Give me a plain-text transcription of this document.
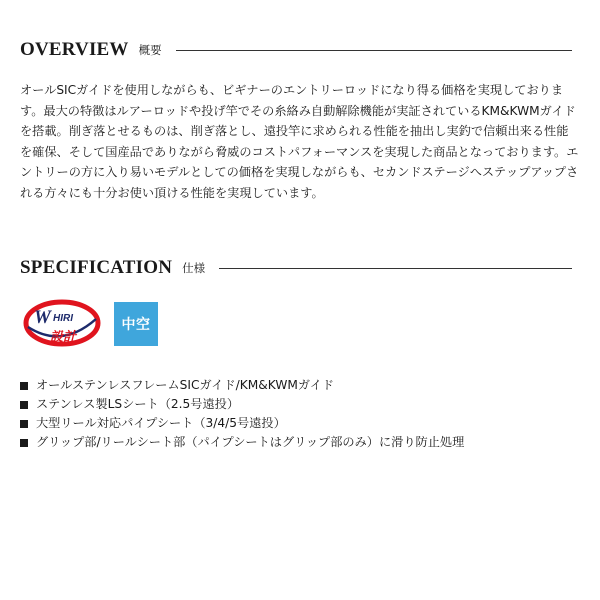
OVERVIEW 概要

オールSICガイドを使用しながらも、ビギナーのエントリーロッドになり得る価格を実現しております。最大の特徴はルアーロッドや投げ竿でその糸絡み自動解除機能が実証されているKM&KWMガイドを搭載。削ぎ落とせるものは、削ぎ落とし、遠投竿に求められる性能を抽出し実釣で信頼出来る性能を確保、そして国産品でありながら脅威のコストパフォーマンスを実現した商品となっております。エントリーの方に入り易いモデルとしての価格を実現しながらも、セカンドステージへステップアップされる方々にも十分お使い頂ける性能を実現しています。

SPECIFICATION 仕様
W HIRI
設計
中空
オールステンレスフレームSICガイド/KM&KWMガイド
ステンレス製LSシート（2.5号遠投）
大型リール対応パイプシート（3/4/5号遠投）
グリップ部/リールシート部（パイプシートはグリップ部のみ）に滑り防止処理
